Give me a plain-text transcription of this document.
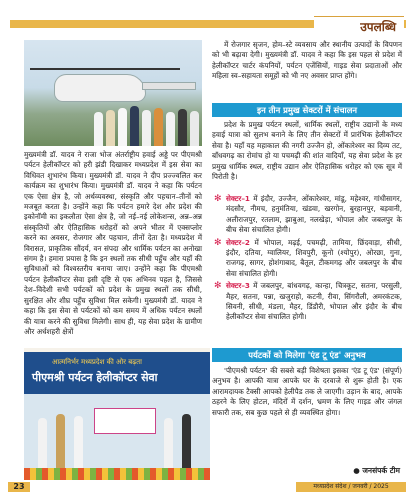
उपलब्धि
मुख्यमंत्री डॉ. यादव ने राजा भोज अंतर्राष्ट्रीय हवाई अड्डे पर पीएमश्री पर्यटन हेलीकॉप्टर को हरी झंडी दिखाकर मध्यप्रदेश में इस सेवा का विधिवत शुभारंभ किया। मुख्यमंत्री डॉ. यादव ने दीप प्रज्ज्वलित कर कार्यक्रम का शुभारंभ किया। मुख्यमंत्री डॉ. यादव ने कहा कि पर्यटन एक ऐसा क्षेत्र है, जो अर्थव्यवस्था, संस्कृति और पहचान–तीनों को मजबूत करता है। उन्होंने कहा कि पर्यटन हमारे देश और प्रदेश की इकोनॉमी का इकलौता ऐसा क्षेत्र है, जो नई–नई लोकेशन्स, अन्न–अन्न संस्कृतियों और ऐतिहासिक धरोहरों को अपने भीतर में एक्सप्लोर करने का अवसर, रोजगार और पहचान, तीनों देता है। मध्यप्रदेश में विरासत, प्राकृतिक सौंदर्य, वन संपदा और धार्मिक पर्यटन का अनोखा संगम है। हमारा प्रयास है कि इन स्थलों तक सीधी पहुँच और यहाँ की सुविधाओं को विश्वस्तरीय बनाया जाए। उन्होंने कहा कि पीएमश्री पर्यटन हेलीकॉप्टर सेवा इसी दृष्टि से एक अभिनव पहल है, जिससे देश–विदेशी सभी पर्यटकों को प्रदेश के प्रमुख स्थलों तक सीधी, सुरक्षित और शीघ्र पहुँच सुविधा मिल सकेगी। मुख्यमंत्री डॉ. यादव ने कहा कि इस सेवा से पर्यटकों को कम समय में अधिक पर्यटन स्थलों की यात्रा करने की सुविधा मिलेगी। साथ ही, यह सेवा प्रदेश के ग्रामीण और अर्धशहरी क्षेत्रों
आत्मनिर्भर मध्यप्रदेश की ओर बढ़ता
पीएमश्री पर्यटन हेलीकॉप्टर सेवा
में रोजगार सृजन, होम–स्टे व्यवसाय और स्थानीय उत्पादों के विपणन को भी बढ़ावा देगी। मुख्यमंत्री डॉ. यादव ने कहा कि इस पहल से प्रदेश में हेलीकॉप्टर चार्टर कंपनियों, पर्यटन एजेंसियों, गाइड सेवा प्रदाताओं और महिला स्व–सहायता समूहों को भी नए अवसर प्राप्त होंगे।
इन तीन प्रमुख सेक्टरों में संचालन
प्रदेश के प्रमुख पर्यटन स्थलों, धार्मिक स्थलों, राष्ट्रीय उद्यानों के मध्य हवाई यात्रा को सुलभ बनाने के लिए तीन सेक्टरों में प्रारंभिक हेलीकॉप्टर सेवा है। यहाँ यह महाकाल की नगरी उज्जैन हो, ओंकारेश्वर का दिव्य तट, बाँधवगढ़ का रोमांच हो या पचमढ़ी की शांत वादियाँ, यह सेवा प्रदेश के हर प्रमुख धार्मिक स्थल, राष्ट्रीय उद्यान और ऐतिहासिक धरोहर को एक सूत्र में पिरोती है।
✻ सेक्टर–1 में इंदौर, उज्जैन, ओंकारेश्वर, मांडू, महेश्वर, गांधीसागर, मंदसौर, नीमच, हनुमंतिया, खंडवा, खरगोन, बुरहानपुर, बड़वानी, अलीराजपुर, रतलाम, झाबुआ, नलखेड़ा, भोपाल और जबलपुर के बीच सेवा संचालित होगी।
✻ सेक्टर–2 में भोपाल, मढ़ई, पचमढ़ी, तामिया, छिंदवाड़ा, सीधी, इंदौर, दतिया, ग्वालियर, शिवपुरी, कूनो (श्योपुर), ओरछा, गुना, राजगढ़, सागर, होशंगाबाद, बैतूल, टीकमगढ़ और जबलपुर के बीच सेवा संचालित होगी।
✻ सेक्टर–3 में जबलपुर, बांधवगढ़, कान्हा, चित्रकूट, सतना, परसुली, मैहर, सतना, पन्ना, खजुराहो, कटनी, रीवा, सिंगरौली, अमरकंटक, सिवनी, सीधी, मंडला, मैहर, डिंडौरी, भोपाल और इंदौर के बीच हेलीकॉप्टर सेवा संचालित होगी।
पर्यटकों को मिलेगा 'एंड टू एंड' अनुभव
'पीएमश्री पर्यटन' की सबसे बड़ी विशेषता इसका 'एंड टू एंड' (संपूर्ण) अनुभव है। आपकी यात्रा आपके घर के दरवाजे से शुरू होती है। एक आरामदायक टैक्सी आपको हेलीपैड तक ले जाएगी। उड़ान के बाद, आपके ठहरने के लिए होटल, मंदिरों में दर्शन, भ्रमण के लिए गाइड और जंगल सफारी तक, सब कुछ पहले से ही व्यवस्थित होगा।
● जनसंपर्क टीम
23	मध्यप्रदेश संदेश / जनवरी / 2025
